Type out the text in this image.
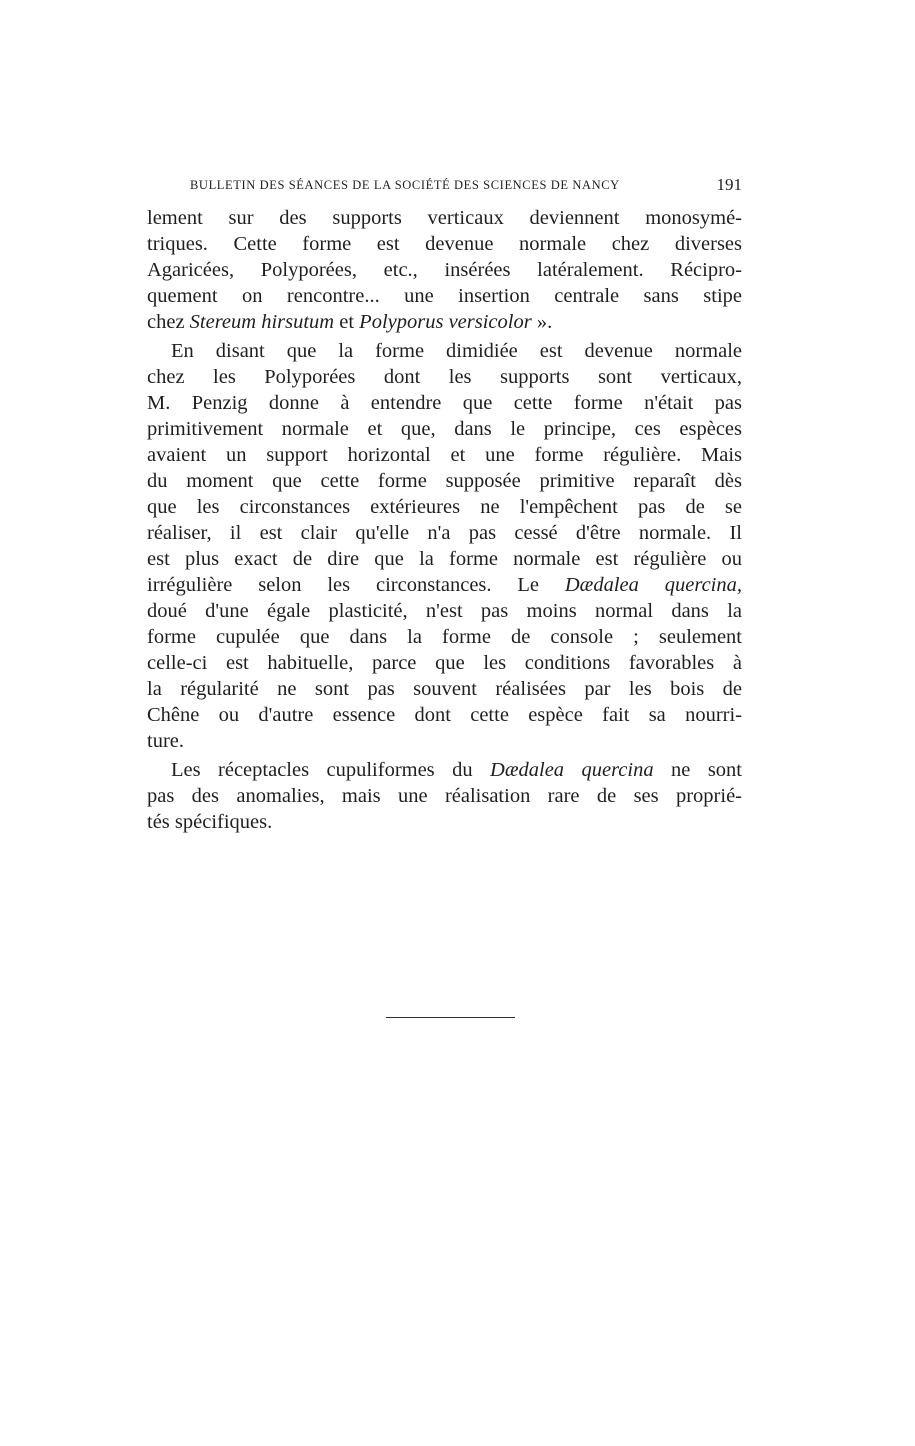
BULLETIN DES SÉANCES DE LA SOCIÉTÉ DES SCIENCES DE NANCY	191
lement sur des supports verticaux deviennent monosymé-
triques. Cette forme est devenue normale chez diverses
Agaricées, Polyporées, etc., insérées latéralement. Récipro-
quement on rencontre... une insertion centrale sans stipe
chez Stereum hirsutum et Polyporus versicolor ».
En disant que la forme dimidiée est devenue normale
chez les Polyporées dont les supports sont verticaux,
M. Penzig donne à entendre que cette forme n'était pas
primitivement normale et que, dans le principe, ces espèces
avaient un support horizontal et une forme régulière. Mais
du moment que cette forme supposée primitive reparaît dès
que les circonstances extérieures ne l'empêchent pas de se
réaliser, il est clair qu'elle n'a pas cessé d'être normale. Il
est plus exact de dire que la forme normale est régulière ou
irrégulière selon les circonstances. Le Dædalea quercina,
doué d'une égale plasticité, n'est pas moins normal dans la
forme cupulée que dans la forme de console ; seulement
celle-ci est habituelle, parce que les conditions favorables à
la régularité ne sont pas souvent réalisées par les bois de
Chêne ou d'autre essence dont cette espèce fait sa nourri-
ture.
Les réceptacles cupuliformes du Dædalea quercina ne sont
pas des anomalies, mais une réalisation rare de ses proprié-
tés spécifiques.
